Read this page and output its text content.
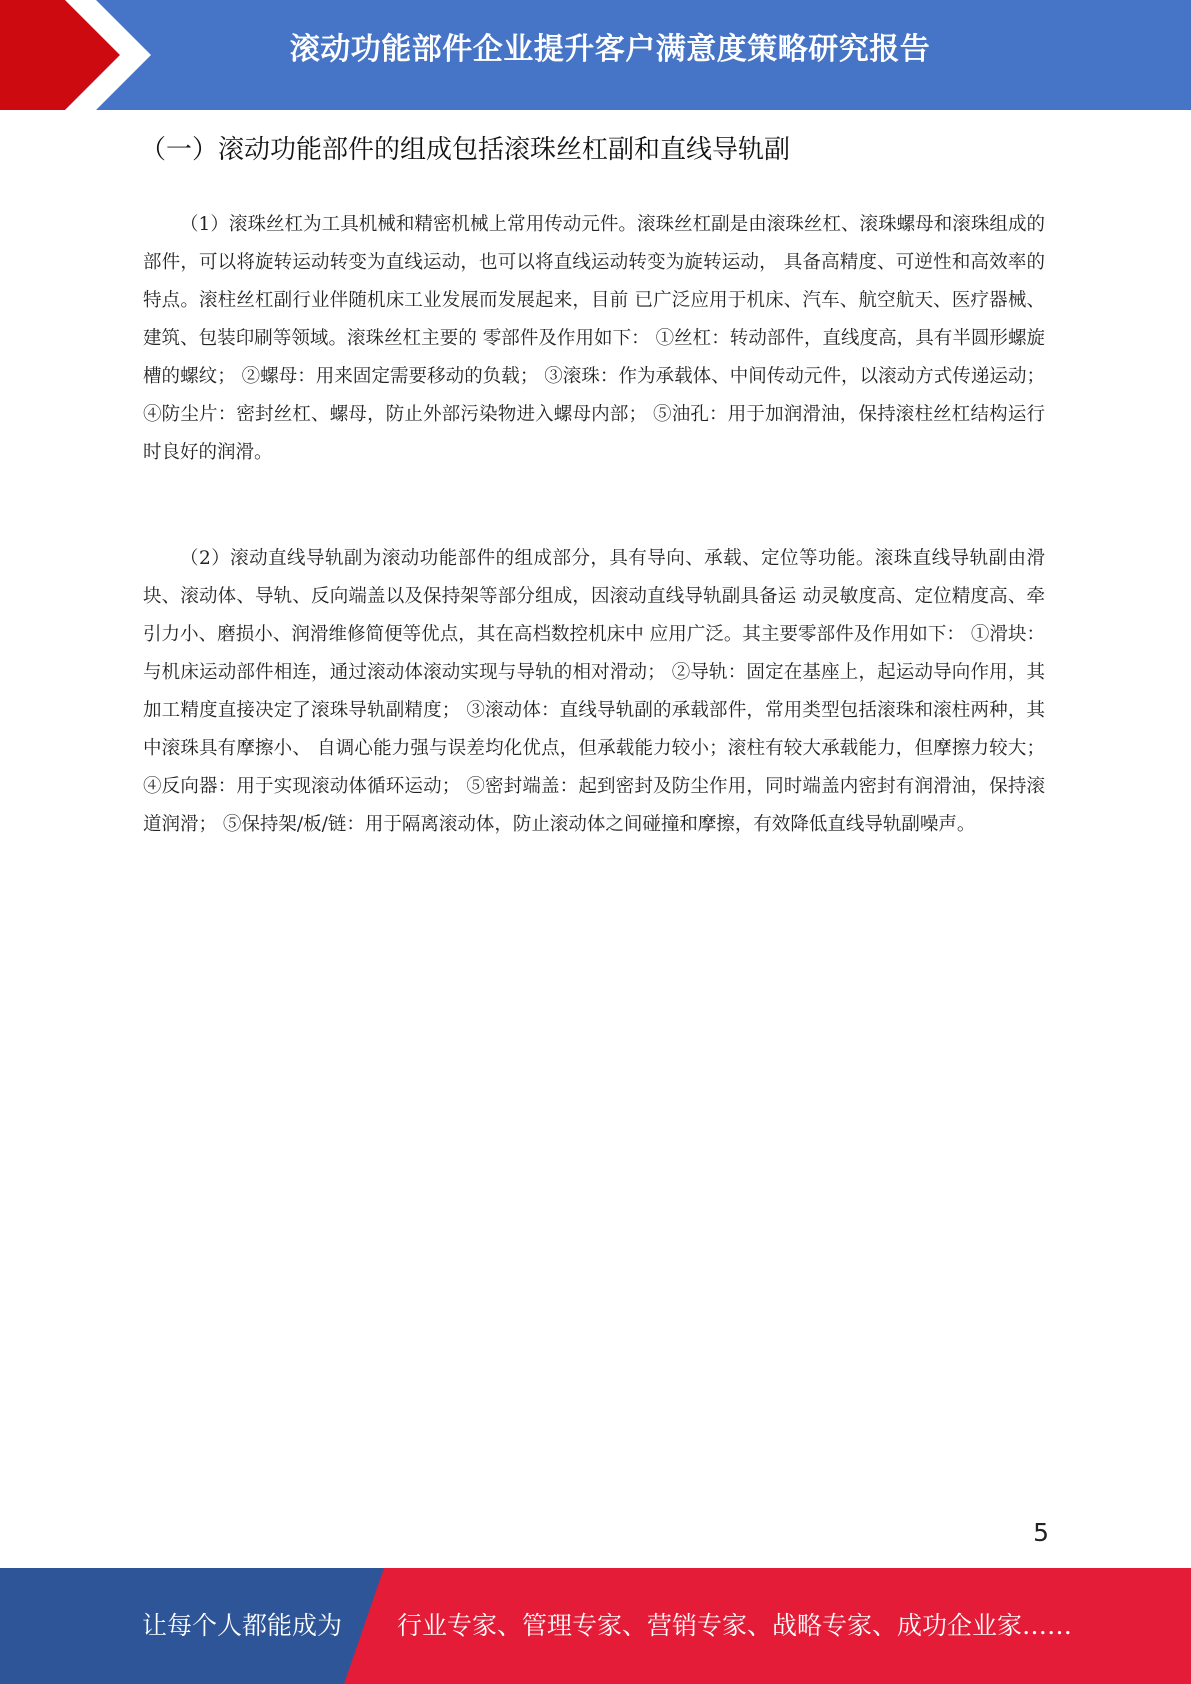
滚动功能部件企业提升客户满意度策略研究报告
（一）滚动功能部件的组成包括滚珠丝杠副和直线导轨副

（1）滚珠丝杠为工具机械和精密机械上常用传动元件。滚珠丝杠副是由滚珠丝杠、滚珠螺母和滚珠组成的部件，可以将旋转运动转变为直线运动，也可以将直线运动转变为旋转运动， 具备高精度、可逆性和高效率的特点。滚柱丝杠副行业伴随机床工业发展而发展起来，目前 已广泛应用于机床、汽车、航空航天、医疗器械、建筑、包装印刷等领域。滚珠丝杠主要的 零部件及作用如下： ①丝杠：转动部件，直线度高，具有半圆形螺旋槽的螺纹； ②螺母：用来固定需要移动的负载； ③滚珠：作为承载体、中间传动元件，以滚动方式传递运动； ④防尘片：密封丝杠、螺母，防止外部污染物进入螺母内部； ⑤油孔：用于加润滑油，保持滚柱丝杠结构运行时良好的润滑。

（2）滚动直线导轨副为滚动功能部件的组成部分，具有导向、承载、定位等功能。滚珠直线导轨副由滑块、滚动体、导轨、反向端盖以及保持架等部分组成，因滚动直线导轨副具备运 动灵敏度高、定位精度高、牵引力小、磨损小、润滑维修简便等优点，其在高档数控机床中 应用广泛。其主要零部件及作用如下： ①滑块：与机床运动部件相连，通过滚动体滚动实现与导轨的相对滑动； ②导轨：固定在基座上，起运动导向作用，其加工精度直接决定了滚珠导轨副精度； ③滚动体：直线导轨副的承载部件，常用类型包括滚珠和滚柱两种，其中滚珠具有摩擦小、 自调心能力强与误差均化优点，但承载能力较小；滚柱有较大承载能力，但摩擦力较大； ④反向器：用于实现滚动体循环运动； ⑤密封端盖：起到密封及防尘作用，同时端盖内密封有润滑油，保持滚道润滑； ⑤保持架/板/链：用于隔离滚动体，防止滚动体之间碰撞和摩擦，有效降低直线导轨副噪声。

5
让每个人都能成为 行业专家、管理专家、营销专家、战略专家、成功企业家……
